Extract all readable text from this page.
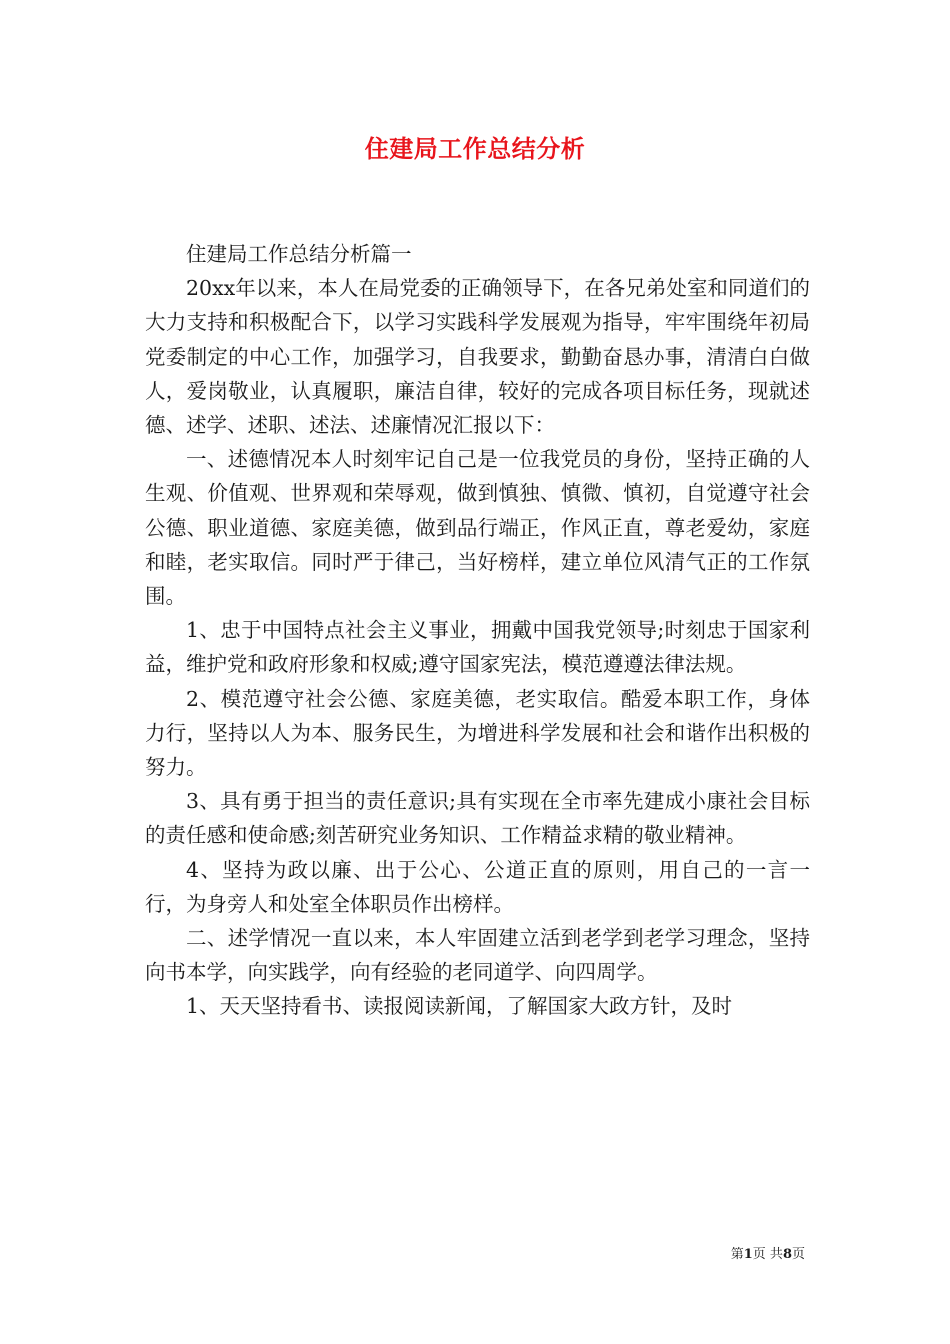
住建局工作总结分析

住建局工作总结分析篇一

20xx年以来，本人在局党委的正确领导下，在各兄弟处室和同道们的大力支持和积极配合下，以学习实践科学发展观为指导，牢牢围绕年初局党委制定的中心工作，加强学习，自我要求，勤勤奋恳办事，清清白白做人，爱岗敬业，认真履职，廉洁自律，较好的完成各项目标任务，现就述德、述学、述职、述法、述廉情况汇报以下：

一、述德情况本人时刻牢记自己是一位我党员的身份，坚持正确的人生观、价值观、世界观和荣辱观，做到慎独、慎微、慎初，自觉遵守社会公德、职业道德、家庭美德，做到品行端正，作风正直，尊老爱幼，家庭和睦，老实取信。同时严于律己，当好榜样，建立单位风清气正的工作氛围。

1、忠于中国特点社会主义事业，拥戴中国我党领导;时刻忠于国家利益，维护党和政府形象和权威;遵守国家宪法，模范遵遵法律法规。

2、模范遵守社会公德、家庭美德，老实取信。酷爱本职工作，身体力行，坚持以人为本、服务民生，为增进科学发展和社会和谐作出积极的努力。

3、具有勇于担当的责任意识;具有实现在全市率先建成小康社会目标的责任感和使命感;刻苦研究业务知识、工作精益求精的敬业精神。

4、坚持为政以廉、出于公心、公道正直的原则，用自己的一言一行，为身旁人和处室全体职员作出榜样。

二、述学情况一直以来，本人牢固建立活到老学到老学习理念，坚持向书本学，向实践学，向有经验的老同道学、向四周学。

1、天天坚持看书、读报阅读新闻，了解国家大政方针，及时

第1页 共8页
